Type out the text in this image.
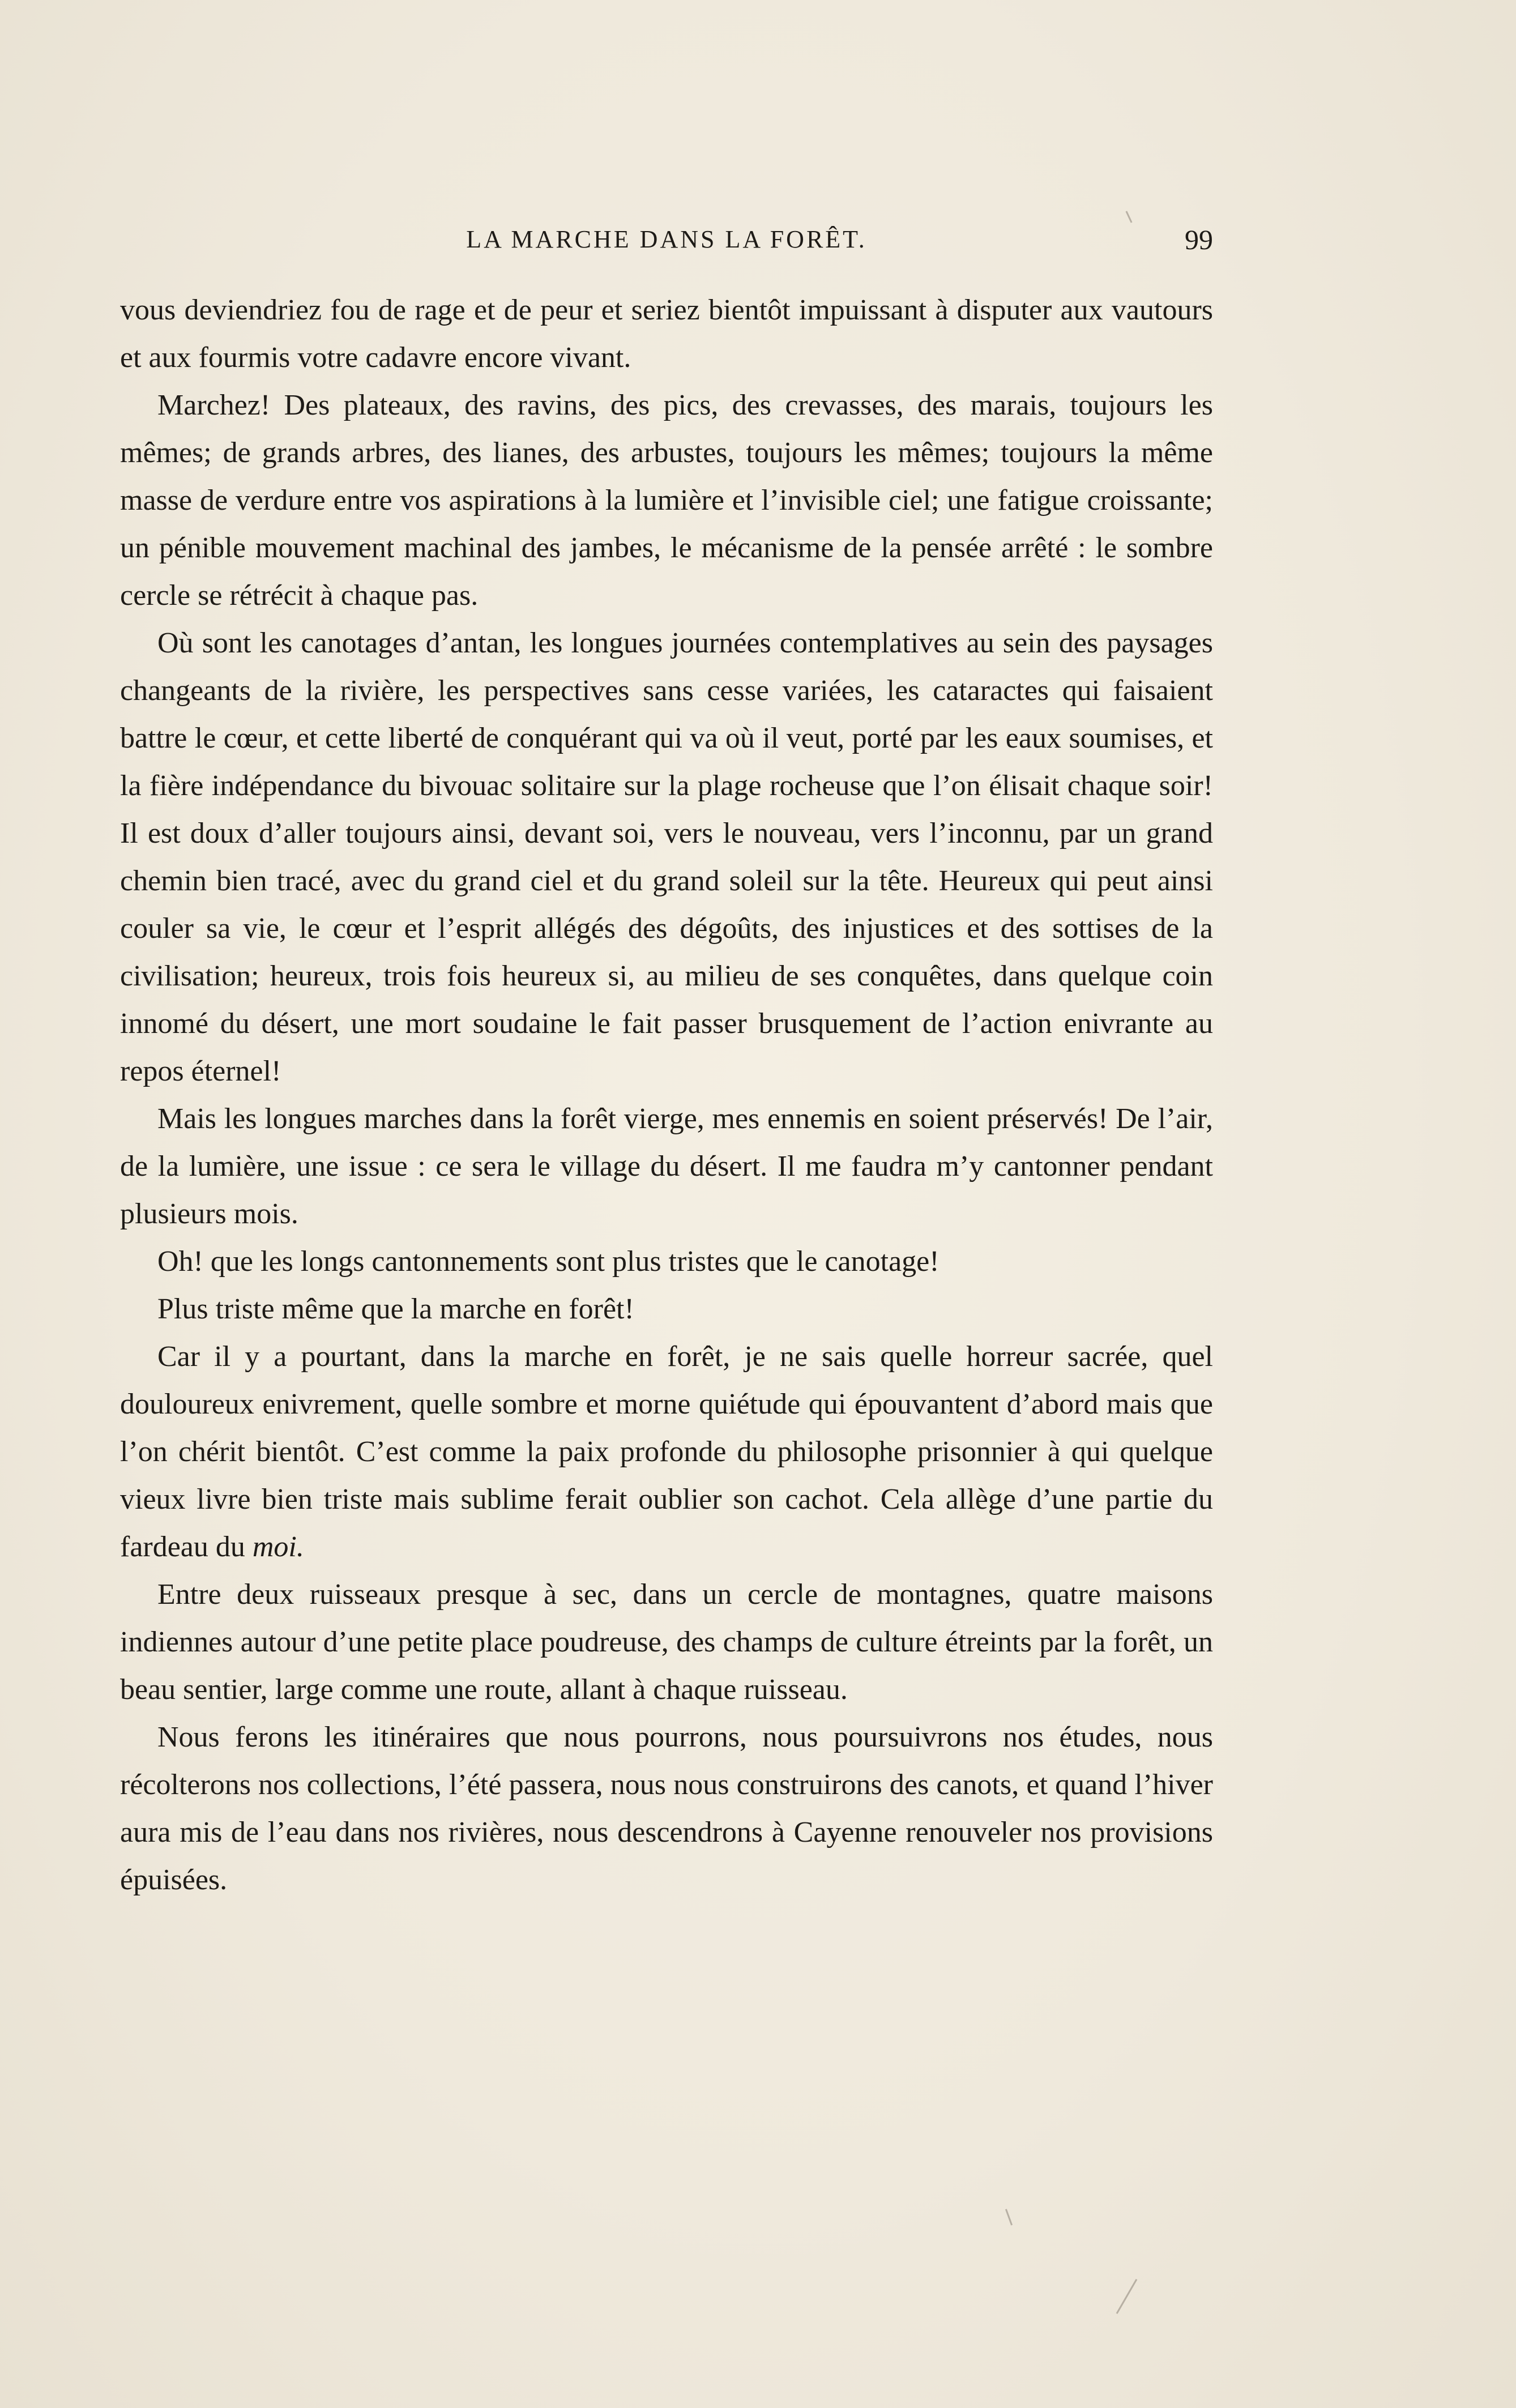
LA MARCHE DANS LA FORÊT.	99

vous deviendriez fou de rage et de peur et seriez bientôt impuissant à disputer aux vautours et aux fourmis votre cadavre encore vivant.

Marchez! Des plateaux, des ravins, des pics, des crevasses, des marais, toujours les mêmes; de grands arbres, des lianes, des arbustes, toujours les mêmes; toujours la même masse de verdure entre vos aspirations à la lumière et l’invisible ciel; une fatigue croissante; un pénible mouvement machinal des jambes, le mécanisme de la pensée arrêté : le sombre cercle se rétrécit à chaque pas.

Où sont les canotages d’antan, les longues journées contemplatives au sein des paysages changeants de la rivière, les perspectives sans cesse variées, les cataractes qui faisaient battre le cœur, et cette liberté de conquérant qui va où il veut, porté par les eaux soumises, et la fière indépendance du bivouac solitaire sur la plage rocheuse que l’on élisait chaque soir! Il est doux d’aller toujours ainsi, devant soi, vers le nouveau, vers l’inconnu, par un grand chemin bien tracé, avec du grand ciel et du grand soleil sur la tête. Heureux qui peut ainsi couler sa vie, le cœur et l’esprit allégés des dégoûts, des injustices et des sottises de la civilisation; heureux, trois fois heureux si, au milieu de ses conquêtes, dans quelque coin innomé du désert, une mort soudaine le fait passer brusquement de l’action enivrante au repos éternel!

Mais les longues marches dans la forêt vierge, mes ennemis en soient préservés! De l’air, de la lumière, une issue : ce sera le village du désert. Il me faudra m’y cantonner pendant plusieurs mois.

Oh! que les longs cantonnements sont plus tristes que le canotage!

Plus triste même que la marche en forêt!

Car il y a pourtant, dans la marche en forêt, je ne sais quelle horreur sacrée, quel douloureux enivrement, quelle sombre et morne quiétude qui épouvantent d’abord mais que l’on chérit bientôt. C’est comme la paix profonde du philosophe prisonnier à qui quelque vieux livre bien triste mais sublime ferait oublier son cachot. Cela allège d’une partie du fardeau du moi.

Entre deux ruisseaux presque à sec, dans un cercle de montagnes, quatre maisons indiennes autour d’une petite place poudreuse, des champs de culture étreints par la forêt, un beau sentier, large comme une route, allant à chaque ruisseau.

Nous ferons les itinéraires que nous pourrons, nous poursuivrons nos études, nous récolterons nos collections, l’été passera, nous nous construirons des canots, et quand l’hiver aura mis de l’eau dans nos rivières, nous descendrons à Cayenne renouveler nos provisions épuisées.
